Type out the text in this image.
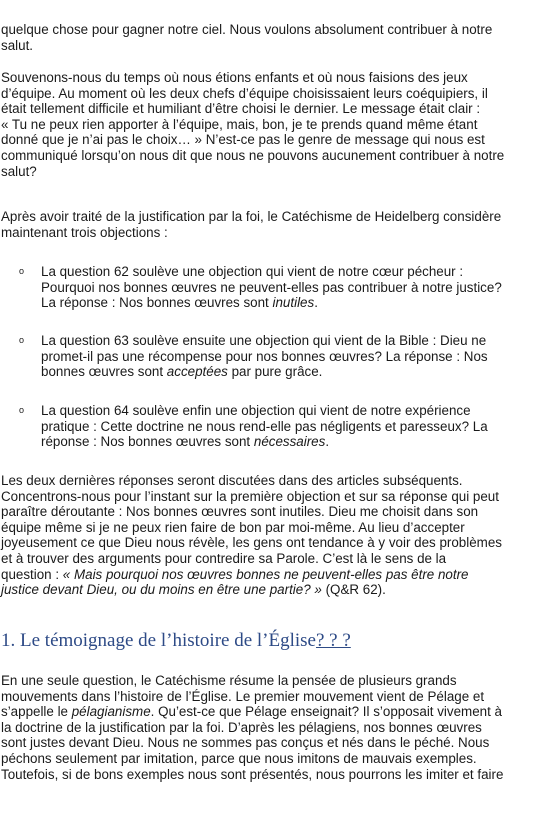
quelque chose pour gagner notre ciel. Nous voulons absolument contribuer à notre
salut.

Souvenons-nous du temps où nous étions enfants et où nous faisions des jeux
d’équipe. Au moment où les deux chefs d’équipe choisissaient leurs coéquipiers, il
était tellement difficile et humiliant d’être choisi le dernier. Le message était clair :
« Tu ne peux rien apporter à l’équipe, mais, bon, je te prends quand même étant
donné que je n’ai pas le choix… » N’est-ce pas le genre de message qui nous est
communiqué lorsqu’on nous dit que nous ne pouvons aucunement contribuer à notre
salut?

Après avoir traité de la justification par la foi, le Catéchisme de Heidelberg considère
maintenant trois objections :

o La question 62 soulève une objection qui vient de notre cœur pécheur :
Pourquoi nos bonnes œuvres ne peuvent-elles pas contribuer à notre justice?
La réponse : Nos bonnes œuvres sont inutiles.
o La question 63 soulève ensuite une objection qui vient de la Bible : Dieu ne
promet-il pas une récompense pour nos bonnes œuvres? La réponse : Nos
bonnes œuvres sont acceptées par pure grâce.
o La question 64 soulève enfin une objection qui vient de notre expérience
pratique : Cette doctrine ne nous rend-elle pas négligents et paresseux? La
réponse : Nos bonnes œuvres sont nécessaires.

Les deux dernières réponses seront discutées dans des articles subséquents.
Concentrons-nous pour l’instant sur la première objection et sur sa réponse qui peut
paraître déroutante : Nos bonnes œuvres sont inutiles. Dieu me choisit dans son
équipe même si je ne peux rien faire de bon par moi-même. Au lieu d’accepter
joyeusement ce que Dieu nous révèle, les gens ont tendance à y voir des problèmes
et à trouver des arguments pour contredire sa Parole. C’est là le sens de la
question : « Mais pourquoi nos œuvres bonnes ne peuvent-elles pas être notre
justice devant Dieu, ou du moins en être une partie? » (Q&R 62).

1. Le témoignage de l’histoire de l’Église? ? ?

En une seule question, le Catéchisme résume la pensée de plusieurs grands
mouvements dans l’histoire de l’Église. Le premier mouvement vient de Pélage et
s’appelle le pélagianisme. Qu’est-ce que Pélage enseignait? Il s’opposait vivement à
la doctrine de la justification par la foi. D’après les pélagiens, nos bonnes œuvres
sont justes devant Dieu. Nous ne sommes pas conçus et nés dans le péché. Nous
péchons seulement par imitation, parce que nous imitons de mauvais exemples.
Toutefois, si de bons exemples nous sont présentés, nous pourrons les imiter et faire
